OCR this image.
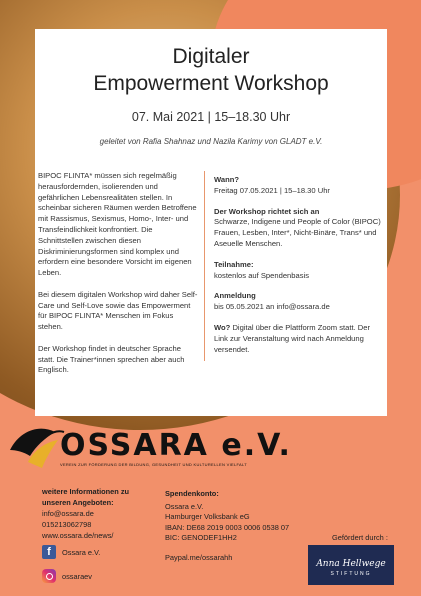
Digitaler
Empowerment Workshop
07. Mai 2021 | 15–18.30 Uhr
geleitet von Rafia Shahnaz und Nazila Karimy von GLADT e.V.

BIPOC FLINTA* müssen sich regelmäßig herausfordernden, isolierenden und gefährlichen Lebensrealitäten stellen. In scheinbar sicheren Räumen werden Betroffene mit Rassismus, Sexismus, Homo-, Inter- und Transfeindlichkeit konfrontiert. Die Schnittstellen zwischen diesen Diskriminierungsformen sind komplex und erfordern eine besondere Vorsicht im eigenen Leben.

Bei diesem digitalen Workshop wird daher Self-Care und Self-Love sowie das Empowerment für BIPOC FLINTA* Menschen im Fokus stehen.

Der Workshop findet in deutscher Sprache statt. Die Trainer*innen sprechen aber auch Englisch.

Wann?
Freitag 07.05.2021 | 15–18.30 Uhr
Der Workshop richtet sich an
Schwarze, Indigene und People of Color (BIPOC) Frauen, Lesben, Inter*, Nicht-Binäre, Trans* und Aseuelle Menschen.
Teilnahme:
kostenlos auf Spendenbasis
Anmeldung
bis 05.05.2021 an info@ossara.de
Wo? Digital über die Plattform Zoom statt. Der Link zur Veranstaltung wird nach Anmeldung versendet.
OSSARA e.V.
VEREIN ZUR FÖRDERUNG DER BILDUNG, GESUNDHEIT UND KULTURELLEN VIELFALT
weitere Informationen zu
unseren Angeboten:
info@ossara.de
015213062798
www.ossara.de/news/
f	Ossara e.V.
ossaraev
Spendenkonto:
Ossara e.V.
Hamburger Volksbank eG
IBAN: DE68 2019 0003 0006 0538 07
BIC: GENODEF1HH2
Paypal.me/ossarahh
Gefördert durch :
Anna Hellwege
STIFTUNG
